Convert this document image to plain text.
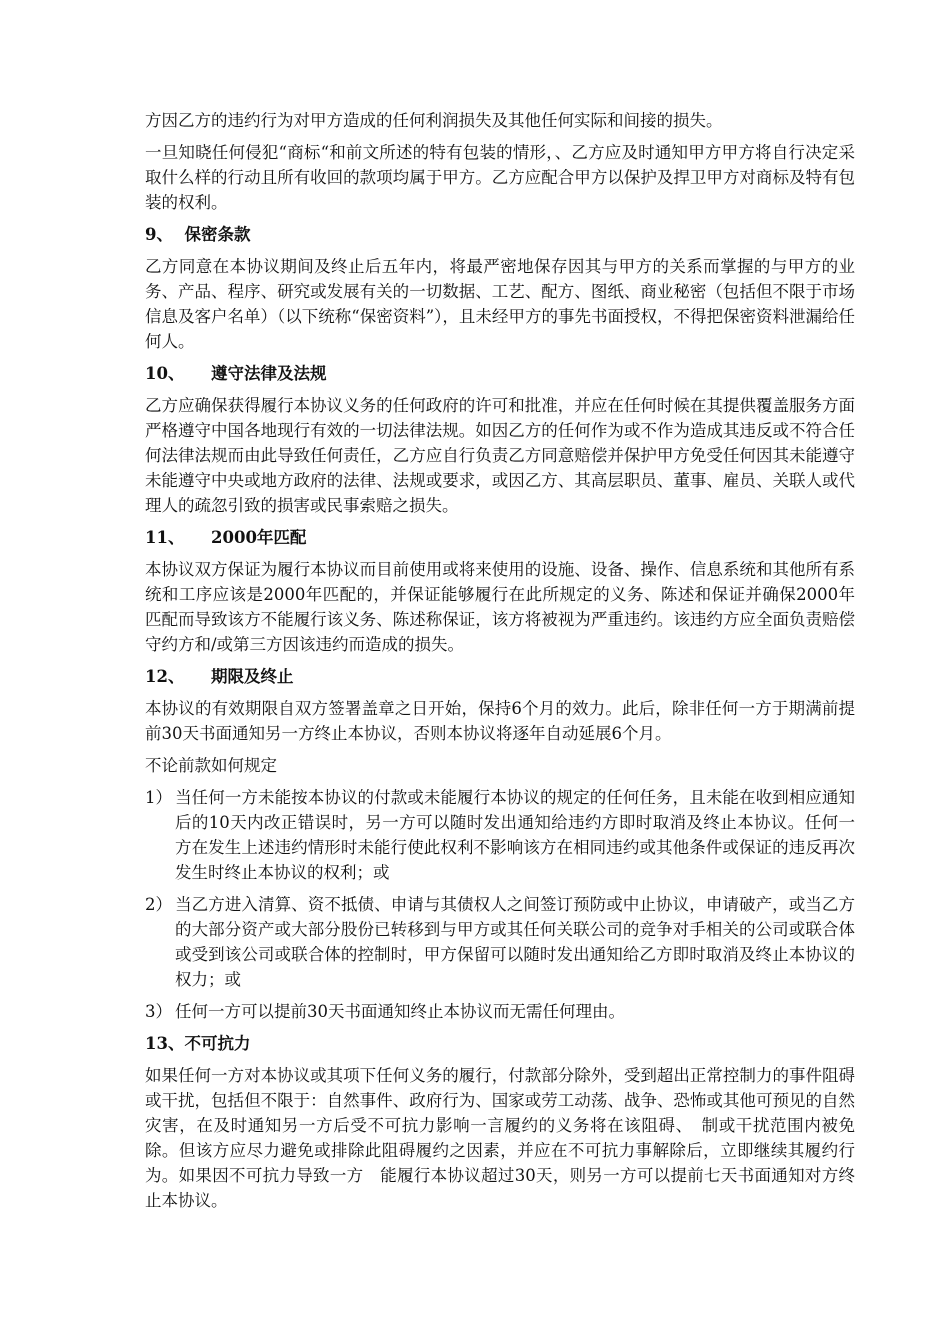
方因乙方的违约行为对甲方造成的任何利润损失及其他任何实际和间接的损失。

一旦知晓任何侵犯“商标“和前文所述的特有包装的情形，、乙方应及时通知甲方甲方将自行决定采取什么样的行动且所有收回的款项均属于甲方。乙方应配合甲方以保护及捍卫甲方对商标及特有包装的权利。

9、 保密条款

乙方同意在本协议期间及终止后五年内，将最严密地保存因其与甲方的关系而掌握的与甲方的业务、产品、程序、研究或发展有关的一切数据、工艺、配方、图纸、商业秘密（包括但不限于市场信息及客户名单）（以下统称“保密资料”），且未经甲方的事先书面授权，不得把保密资料泄漏给任何人。

10、 遵守法律及法规

乙方应确保获得履行本协议义务的任何政府的许可和批准，并应在任何时候在其提供覆盖服务方面严格遵守中国各地现行有效的一切法律法规。如因乙方的任何作为或不作为造成其违反或不符合任何法律法规而由此导致任何责任，乙方应自行负责乙方同意赔偿并保护甲方免受任何因其未能遵守未能遵守中央或地方政府的法律、法规或要求，或因乙方、其高层职员、董事、雇员、关联人或代理人的疏忽引致的损害或民事索赔之损失。

11、 2000年匹配

本协议双方保证为履行本协议而目前使用或将来使用的设施、设备、操作、信息系统和其他所有系统和工序应该是2000年匹配的，并保证能够履行在此所规定的义务、陈述和保证并确保2000年匹配而导致该方不能履行该义务、陈述称保证，该方将被视为严重违约。该违约方应全面负责赔偿守约方和/或第三方因该违约而造成的损失。

12、 期限及终止

本协议的有效期限自双方签署盖章之日开始，保持6个月的效力。此后，除非任何一方于期满前提前30天书面通知另一方终止本协议，否则本协议将逐年自动延展6个月。

不论前款如何规定

1） 当任何一方未能按本协议的付款或未能履行本协议的规定的任何任务，且未能在收到相应通知后的10天内改正错误时，另一方可以随时发出通知给违约方即时取消及终止本协议。任何一方在发生上述违约情形时未能行使此权利不影响该方在相同违约或其他条件或保证的违反再次发生时终止本协议的权利；或

2） 当乙方进入清算、资不抵债、申请与其债权人之间签订预防或中止协议，申请破产，或当乙方的大部分资产或大部分股份已转移到与甲方或其任何关联公司的竞争对手相关的公司或联合体或受到该公司或联合体的控制时，甲方保留可以随时发出通知给乙方即时取消及终止本协议的权力；或

3） 任何一方可以提前30天书面通知终止本协议而无需任何理由。

13、不可抗力

如果任何一方对本协议或其项下任何义务的履行，付款部分除外，受到超出正常控制力的事件阻碍或干扰，包括但不限于：自然事件、政府行为、国家或劳工动荡、战争、恐怖或其他可预见的自然灾害，在及时通知另一方后受不可抗力影响一言履约的义务将在该阻碍、　制或干扰范围内被免除。但该方应尽力避免或排除此阻碍履约之因素，并应在不可抗力事解除后，立即继续其履约行为。如果因不可抗力导致一方　能履行本协议超过30天，则另一方可以提前七天书面通知对方终止本协议。
